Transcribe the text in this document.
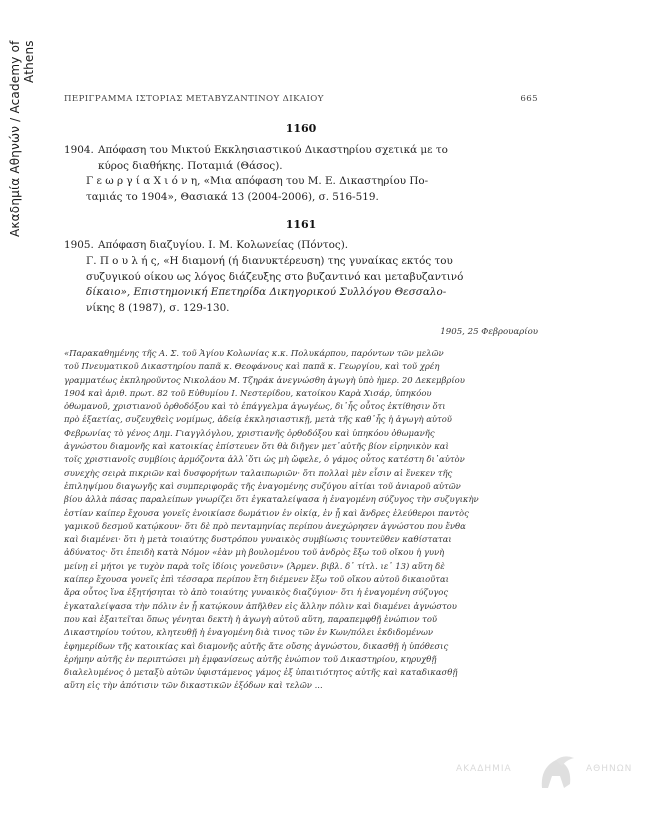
Ακαδημία Αθηνών / Academy of Athens
ΠΕΡΙΓΡΑΜΜΑ ΙΣΤΟΡΙΑΣ ΜΕΤΑΒΥΖΑΝΤΙΝΟΥ ΔΙΚΑΙΟΥ	665
1160
1904. Απόφαση του Μικτού Εκκλησιαστικού Δικαστηρίου σχετικά με το
κύρος διαθήκης. Ποταμιά (Θάσος).
Γ ε ω ρ γ ί α Χ ι ό ν η, «Μια απόφαση του Μ. Ε. Δικαστηρίου Πο-
ταμιάς το 1904», Θασιακά 13 (2004-2006), σ. 516-519.
1161
1905. Απόφαση διαζυγίου. Ι. Μ. Κολωνείας (Πόντος).
Γ. Π ο υ λ ή ς, «Η διαμονή (ή διανυκτέρευση) της γυναίκας εκτός του
συζυγικού οίκου ως λόγος διάζευξης στο βυζαντινό και μεταβυζαντινό
δίκαιο», Επιστημονική Επετηρίδα Δικηγορικού Συλλόγου Θεσσαλο-
νίκης 8 (1987), σ. 129-130.
1905, 25 Φεβρουαρίου
«Παρακαθημένης τῆς Α. Σ. τοῦ Ἁγίου Κολωνίας κ.κ. Πολυκάρπου, παρόντων τῶν μελῶν
τοῦ Πνευματικοῦ Δικαστηρίου παπᾶ κ. Θεοφάνους καὶ παπᾶ κ. Γεωργίου, καὶ τοῦ χρέη
γραμματέως ἐκπληροῦντος Νικολάου Μ. Τζηράκ ἀνεγνώσθη ἀγωγὴ ὑπὸ ἡμερ. 20 Δεκεμβρίου
1904 καὶ ἀριθ. πρωτ. 82 τοῦ Εὐθυμίου Ι. Νεστερίδου, κατοίκου Καρὰ Χισάρ, ὑπηκόου
ὀθωμανοῦ, χριστιανοῦ ὀρθοδόξου καὶ τὸ ἐπάγγελμα ἀγωγέως, δι᾽ἧς οὗτος ἐκτίθησιν ὅτι
πρὸ ἐξαετίας, συζευχθεὶς νομίμως, ἀδείᾳ ἐκκλησιαστικῇ, μετὰ τῆς καθ᾽ἧς ἡ ἀγωγὴ αὐτοῦ
Φεβρωνίας τὸ γένος Δημ. Γιαγγλόγλου, χριστιανῆς ὀρθοδόξου καὶ ὑπηκόου ὀθωμανῆς
ἀγνώστου διαμονῆς καὶ κατοικίας ἐπίστευεν ὅτι θὰ διῆγεν μετ᾽αὐτῆς βίον εἰρηνικὸν καὶ
τοῖς χριστιανοῖς συμβίοις ἁρμόζοντα ἀλλ᾽ὅτι ὡς μὴ ὤφελε, ὁ γάμος οὗτος κατέστη δι᾽αὐτὸν
συνεχὴς σειρὰ πικριῶν καὶ δυσφορήτων ταλαιπωριῶν· ὅτι πολλαὶ μὲν εἶσιν αἱ ἕνεκεν τῆς
ἐπιληψίμου διαγωγῆς καὶ συμπεριφορᾶς τῆς ἐναγομένης συζύγου αἰτίαι τοῦ ἀνιαροῦ αὐτῶν
βίου ἀλλὰ πάσας παραλείπων γνωρίζει ὅτι ἐγκαταλείψασα ἡ ἐναγομένη σύζυγος τὴν συζυγικὴν
ἑστίαν καίπερ ἔχουσα γονεῖς ἐνοικίασε δωμάτιον ἐν οἰκίᾳ, ἐν ᾗ καὶ ἄνδρες ἐλεύθεροι παντὸς
γαμικοῦ δεσμοῦ κατῴκουν· ὅτι δὲ πρὸ πενταμηνίας περίπου ἀνεχώρησεν ἀγνώστου που ἔνθα
καὶ διαμένει· ὅτι ἡ μετὰ τοιαύτης δυστρόπου γυναικὸς συμβίωσις τουντεῦθεν καθίσταται
ἀδύνατος· ὅτι ἐπειδὴ κατὰ Νόμον «ἐὰν μὴ βουλομένου τοῦ ἀνδρὸς ἔξω τοῦ οἴκου ἡ γυνὴ
μείνῃ εἰ μήτοι γε τυχὸν παρὰ τοῖς ἰδίοις γονεῦσιν» (Ἀρμεν. βιβλ. δ᾽ τίτλ. ιε᾽ 13) αὕτη δὲ
καίπερ ἔχουσα γονεῖς ἐπὶ τέσσαρα περίπου ἔτη διέμενεν ἔξω τοῦ οἴκου αὐτοῦ δικαιοῦται
ἄρα οὗτος ἵνα ἐξητήσηται τὸ ἀπὸ τοιαύτης γυναικὸς διαζύγιον· ὅτι ἡ ἐναγομένη σύζυγος
ἐγκαταλείψασα τὴν πόλιν ἐν ᾗ κατῴκουν ἀπῆλθεν εἰς ἄλλην πόλιν καὶ διαμένει ἀγνώστου
που καὶ ἐξαιτεῖται ὅπως γένηται δεκτὴ ἡ ἀγωγὴ αὐτοῦ αὕτη, παραπεμφθῇ ἐνώπιον τοῦ
Δικαστηρίου τούτου, κλητευθῇ ἡ ἐναγομένη διὰ τινος τῶν ἐν Κων/πόλει ἐκδιδομένων
ἐφημερίδων τῆς κατοικίας καὶ διαμονῆς αὐτῆς ἄτε οὔσης ἀγνώστου, δικασθῇ ἡ ὑπόθεσις
ἐρήμην αὐτῆς ἐν περιπτώσει μὴ ἐμφανίσεως αὐτῆς ἐνώπιον τοῦ Δικαστηρίου, κηρυχθῇ
διαλελυμένος ὁ μεταξὺ αὐτῶν ὑφιστάμενος γάμος ἐξ ὑπαιτιότητος αὐτῆς καὶ καταδικασθῇ
αὕτη εἰς τὴν ἀπότισιν τῶν δικαστικῶν ἐξόδων καὶ τελῶν ...
ΑΚΑΔΗΜΙΑ	ΑΘΗΝΩΝ
